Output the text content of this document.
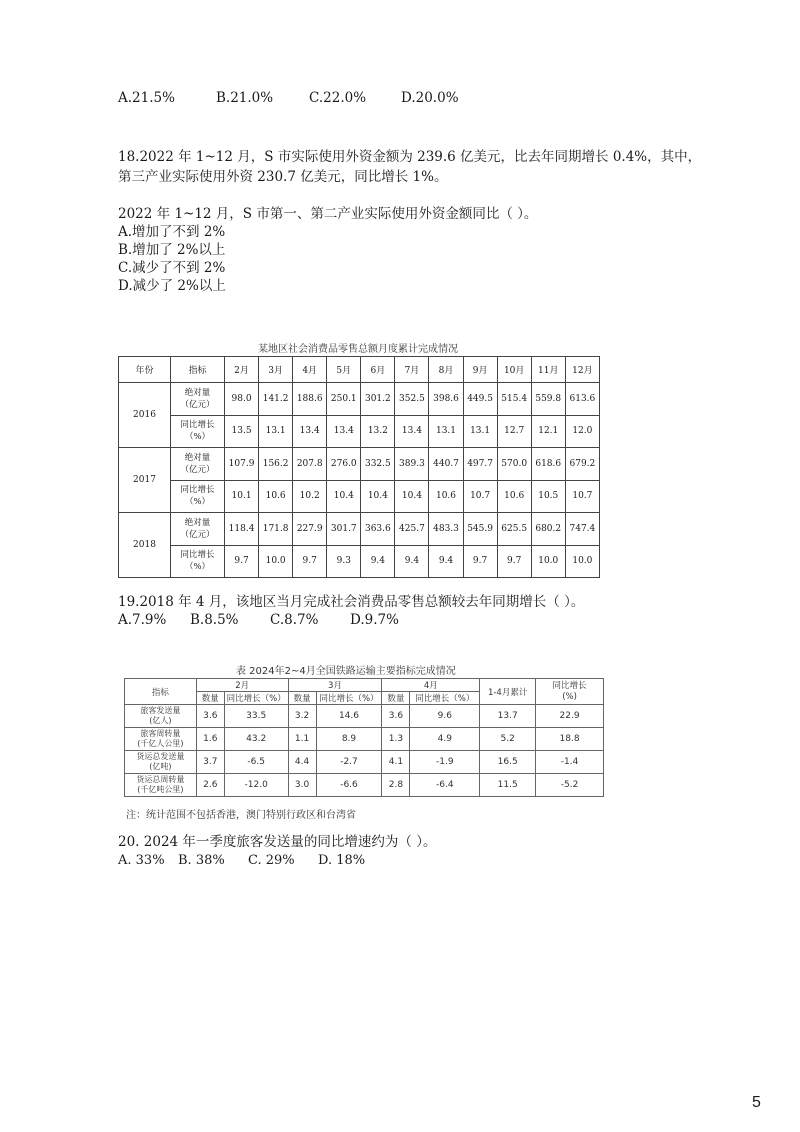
A.21.5%	B.21.0%	C.22.0%	D.20.0%
18.2022 年 1~12 月，S 市实际使用外资金额为 239.6 亿美元，比去年同期增长 0.4%，其中，
第三产业实际使用外资 230.7 亿美元，同比增长 1%。
2022 年 1~12 月，S 市第一、第二产业实际使用外资金额同比（ ）。
A.增加了不到 2%
B.增加了 2%以上
C.减少了不到 2%
D.减少了 2%以上
某地区社会消费品零售总额月度累计完成情况
年份	指标	2月	3月	4月	5月	6月	7月	8月	9月	10月	11月	12月
2016	绝对量
（亿元）	98.0	141.2	188.6	250.1	301.2	352.5	398.6	449.5	515.4	559.8	613.6
	同比增长
（%）	13.5	13.1	13.4	13.4	13.2	13.4	13.1	13.1	12.7	12.1	12.0
2017	绝对量
（亿元）	107.9	156.2	207.8	276.0	332.5	389.3	440.7	497.7	570.0	618.6	679.2
	同比增长
（%）	10.1	10.6	10.2	10.4	10.4	10.4	10.6	10.7	10.6	10.5	10.7
2018	绝对量
（亿元）	118.4	171.8	227.9	301.7	363.6	425.7	483.3	545.9	625.5	680.2	747.4
	同比增长
（%）	9.7	10.0	9.7	9.3	9.4	9.4	9.4	9.7	9.7	10.0	10.0
19.2018 年 4 月，该地区当月完成社会消费品零售总额较去年同期增长（ ）。
A.7.9% B.8.5% C.8.7% D.9.7%
表 2024年2~4月全国铁路运输主要指标完成情况
指标	2月		3月		4月		1-4月累计	同比增长
(%)
	数量	同比增长（%）	数量	同比增长（%）	数量	同比增长（%）		
旅客发送量
(亿人)	3.6	33.5	3.2	14.6	3.6	9.6	13.7	22.9
旅客周转量
(千亿人公里)	1.6	43.2	1.1	8.9	1.3	4.9	5.2	18.8
货运总发送量
(亿吨)	3.7	-6.5	4.4	-2.7	4.1	-1.9	16.5	-1.4
货运总周转量
(千亿吨公里)	2.6	-12.0	3.0	-6.6	2.8	-6.4	11.5	-5.2
注：统计范围不包括香港，澳门特别行政区和台湾省
20. 2024 年一季度旅客发送量的同比增速约为（ ）。
A. 33% B. 38% C. 29% D. 18%
5
